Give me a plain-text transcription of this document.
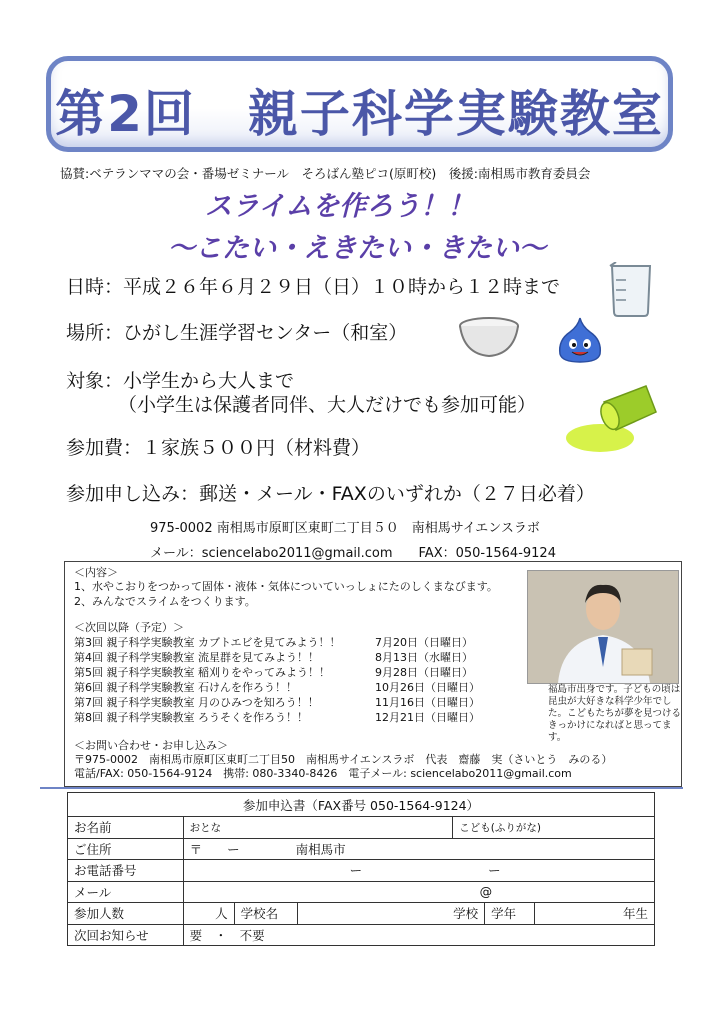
第2回　親子科学実験教室
協賛:ベテランママの会・番場ゼミナール　そろばん塾ピコ(原町校)　後援:南相馬市教育委員会
スライムを作ろう！！
〜こたい・えきたい・きたい〜
日時：平成２６年６月２９日（日）１０時から１２時まで
場所：ひがし生涯学習センター（和室）
対象：小学生から大人まで
（小学生は保護者同伴、大人だけでも参加可能）
参加費：１家族５００円（材料費）
参加申し込み：郵送・メール・FAXのいずれか（２７日必着）
975-0002 南相馬市原町区東町二丁目５０　南相馬サイエンスラボ
メール：sciencelabo2011@gmail.com　　FAX：050-1564-9124
＜内容＞
1、水やこおりをつかって固体・液体・気体についていっしょにたのしくまなびます。
2、みんなでスライムをつくります。
＜次回以降（予定）＞
第3回 親子科学実験教室 カブトエビを見てみよう！！	7月20日（日曜日）
第4回 親子科学実験教室 流星群を見てみよう！！	8月13日（水曜日）
第5回 親子科学実験教室 稲刈りをやってみよう！！	9月28日（日曜日）
第6回 親子科学実験教室 石けんを作ろう！！	10月26日（日曜日）
第7回 親子科学実験教室 月のひみつを知ろう！！	11月16日（日曜日）
第8回 親子科学実験教室 ろうそくを作ろう！！	12月21日（日曜日）
＜お問い合わせ・お申し込み＞
〒975-0002　南相馬市原町区東町二丁目50　南相馬サイエンスラボ　代表　齋藤　実（さいとう　みのる）
電話/FAX: 050-1564-9124　携帯: 080-3340-8426　電子メール: sciencelabo2011@gmail.com
福島市出身です。子どもの頃は昆虫が大好きな科学少年でした。こどもたちが夢を見つけるきっかけになればと思ってます。
参加申込書（FAX番号 050-1564-9124）						
お名前	おとな			こども(ふりがな)		
ご住所	〒　　ー 南相馬市					
お電話番号	ー ー					
メール	@					
参加人数	人	学校名	学校		学年	年生
次回お知らせ	要　・　不要					
